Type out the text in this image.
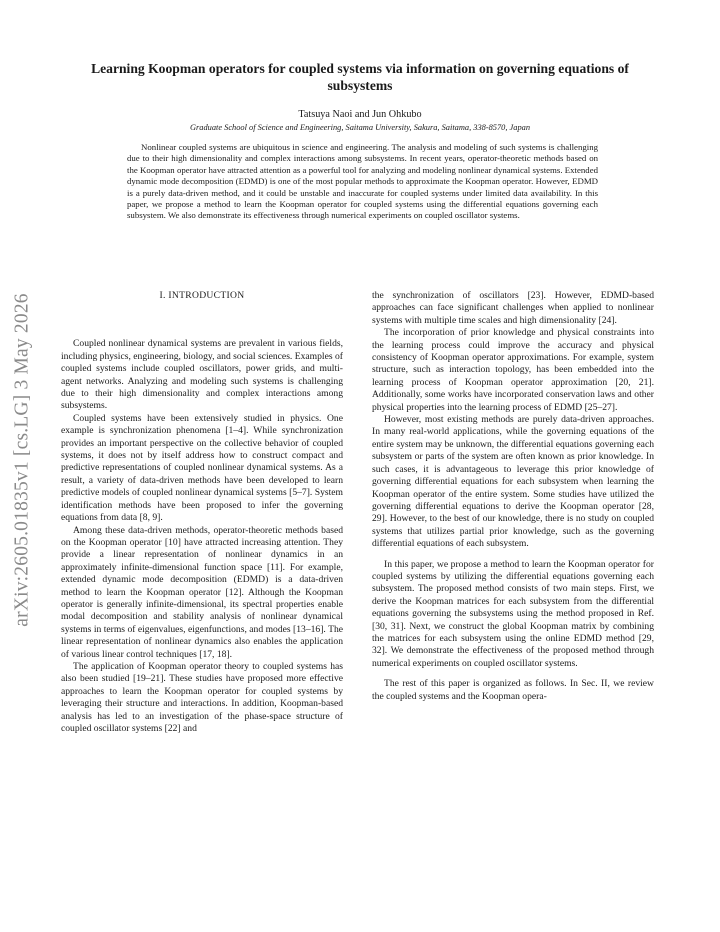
arXiv:2605.01835v1 [cs.LG] 3 May 2026
Learning Koopman operators for coupled systems via information on governing equations of subsystems
Tatsuya Naoi and Jun Ohkubo
Graduate School of Science and Engineering, Saitama University, Sakura, Saitama, 338-8570, Japan

Nonlinear coupled systems are ubiquitous in science and engineering. The analysis and modeling of such systems is challenging due to their high dimensionality and complex interactions among subsystems. In recent years, operator-theoretic methods based on the Koopman operator have attracted attention as a powerful tool for analyzing and modeling nonlinear dynamical systems. Extended dynamic mode decomposition (EDMD) is one of the most popular methods to approximate the Koopman operator. However, EDMD is a purely data-driven method, and it could be unstable and inaccurate for coupled systems under limited data availability. In this paper, we propose a method to learn the Koopman operator for coupled systems using the differential equations governing each subsystem. We also demonstrate its effectiveness through numerical experiments on coupled oscillator systems.

I. INTRODUCTION

Coupled nonlinear dynamical systems are prevalent in various fields, including physics, engineering, biology, and social sciences. Examples of coupled systems include coupled oscillators, power grids, and multi-agent networks. Analyzing and modeling such systems is challenging due to their high dimensionality and complex interactions among subsystems.

Coupled systems have been extensively studied in physics. One example is synchronization phenomena [1–4]. While synchronization provides an important perspective on the collective behavior of coupled systems, it does not by itself address how to construct compact and predictive representations of coupled nonlinear dynamical systems. As a result, a variety of data-driven methods have been developed to learn predictive models of coupled nonlinear dynamical systems [5–7]. System identification methods have been proposed to infer the governing equations from data [8, 9].

Among these data-driven methods, operator-theoretic methods based on the Koopman operator [10] have attracted increasing attention. They provide a linear representation of nonlinear dynamics in an approximately infinite-dimensional function space [11]. For example, extended dynamic mode decomposition (EDMD) is a data-driven method to learn the Koopman operator [12]. Although the Koopman operator is generally infinite-dimensional, its spectral properties enable modal decomposition and stability analysis of nonlinear dynamical systems in terms of eigenvalues, eigenfunctions, and modes [13–16]. The linear representation of nonlinear dynamics also enables the application of various linear control techniques [17, 18].

The application of Koopman operator theory to coupled systems has also been studied [19–21]. These studies have proposed more effective approaches to learn the Koopman operator for coupled systems by leveraging their structure and interactions. In addition, Koopman-based analysis has led to an investigation of the phase-space structure of coupled oscillator systems [22] and

the synchronization of oscillators [23]. However, EDMD-based approaches can face significant challenges when applied to nonlinear systems with multiple time scales and high dimensionality [24].

The incorporation of prior knowledge and physical constraints into the learning process could improve the accuracy and physical consistency of Koopman operator approximations. For example, system structure, such as interaction topology, has been embedded into the learning process of Koopman operator approximation [20, 21]. Additionally, some works have incorporated conservation laws and other physical properties into the learning process of EDMD [25–27].

However, most existing methods are purely data-driven approaches. In many real-world applications, while the governing equations of the entire system may be unknown, the differential equations governing each subsystem or parts of the system are often known as prior knowledge. In such cases, it is advantageous to leverage this prior knowledge of governing differential equations for each subsystem when learning the Koopman operator of the entire system. Some studies have utilized the governing differential equations to derive the Koopman operator [28, 29]. However, to the best of our knowledge, there is no study on coupled systems that utilizes partial prior knowledge, such as the governing differential equations of each subsystem.

In this paper, we propose a method to learn the Koopman operator for coupled systems by utilizing the differential equations governing each subsystem. The proposed method consists of two main steps. First, we derive the Koopman matrices for each subsystem from the differential equations governing the subsystems using the method proposed in Ref. [30, 31]. Next, we construct the global Koopman matrix by combining the matrices for each subsystem using the online EDMD method [29, 32]. We demonstrate the effectiveness of the proposed method through numerical experiments on coupled oscillator systems.

The rest of this paper is organized as follows. In Sec. II, we review the coupled systems and the Koopman opera-
